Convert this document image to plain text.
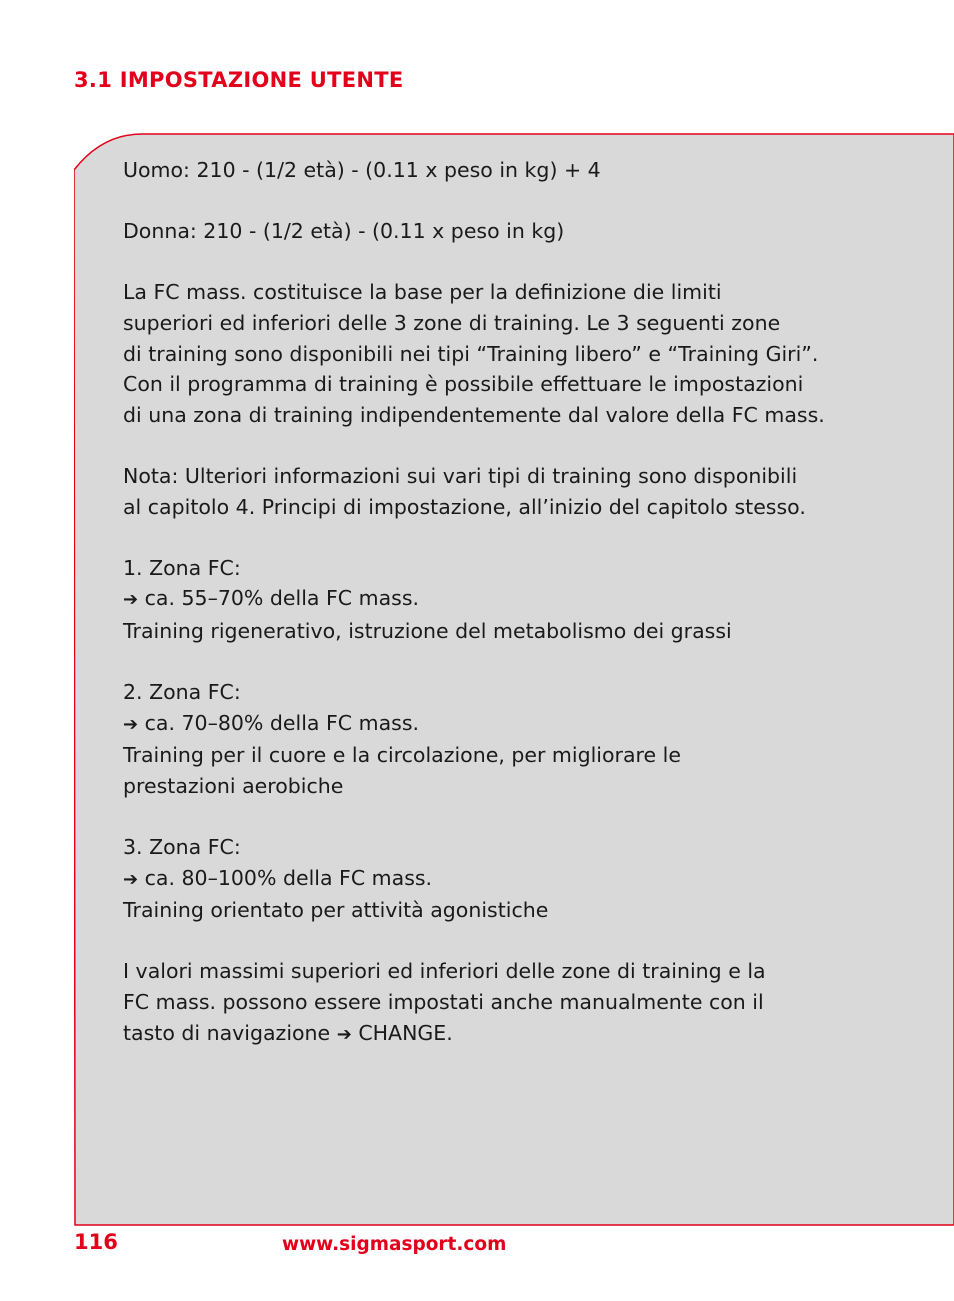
3.1 IMPOSTAZIONE UTENTE

Uomo: 210 - (1/2 età) - (0.11 x peso in kg) + 4

Donna: 210 - (1/2 età) - (0.11 x peso in kg)

La FC mass. costituisce la base per la definizione die limiti
superiori ed inferiori delle 3 zone di training. Le 3 seguenti zone
di training sono disponibili nei tipi “Training libero” e “Training Giri”.
Con il programma di training è possibile effettuare le impostazioni
di una zona di training indipendentemente dal valore della FC mass.

Nota: Ulteriori informazioni sui vari tipi di training sono disponibili
al capitolo 4. Principi di impostazione, all’inizio del capitolo stesso.

1. Zona FC:
➔ ca. 55–70% della FC mass.
Training rigenerativo, istruzione del metabolismo dei grassi

2. Zona FC:
➔ ca. 70–80% della FC mass.
Training per il cuore e la circolazione, per migliorare le
prestazioni aerobiche

3. Zona FC:
➔ ca. 80–100% della FC mass.
Training orientato per attività agonistiche

I valori massimi superiori ed inferiori delle zone di training e la
FC mass. possono essere impostati anche manualmente con il
tasto di navigazione ➔ CHANGE.

116	www.sigmasport.com
